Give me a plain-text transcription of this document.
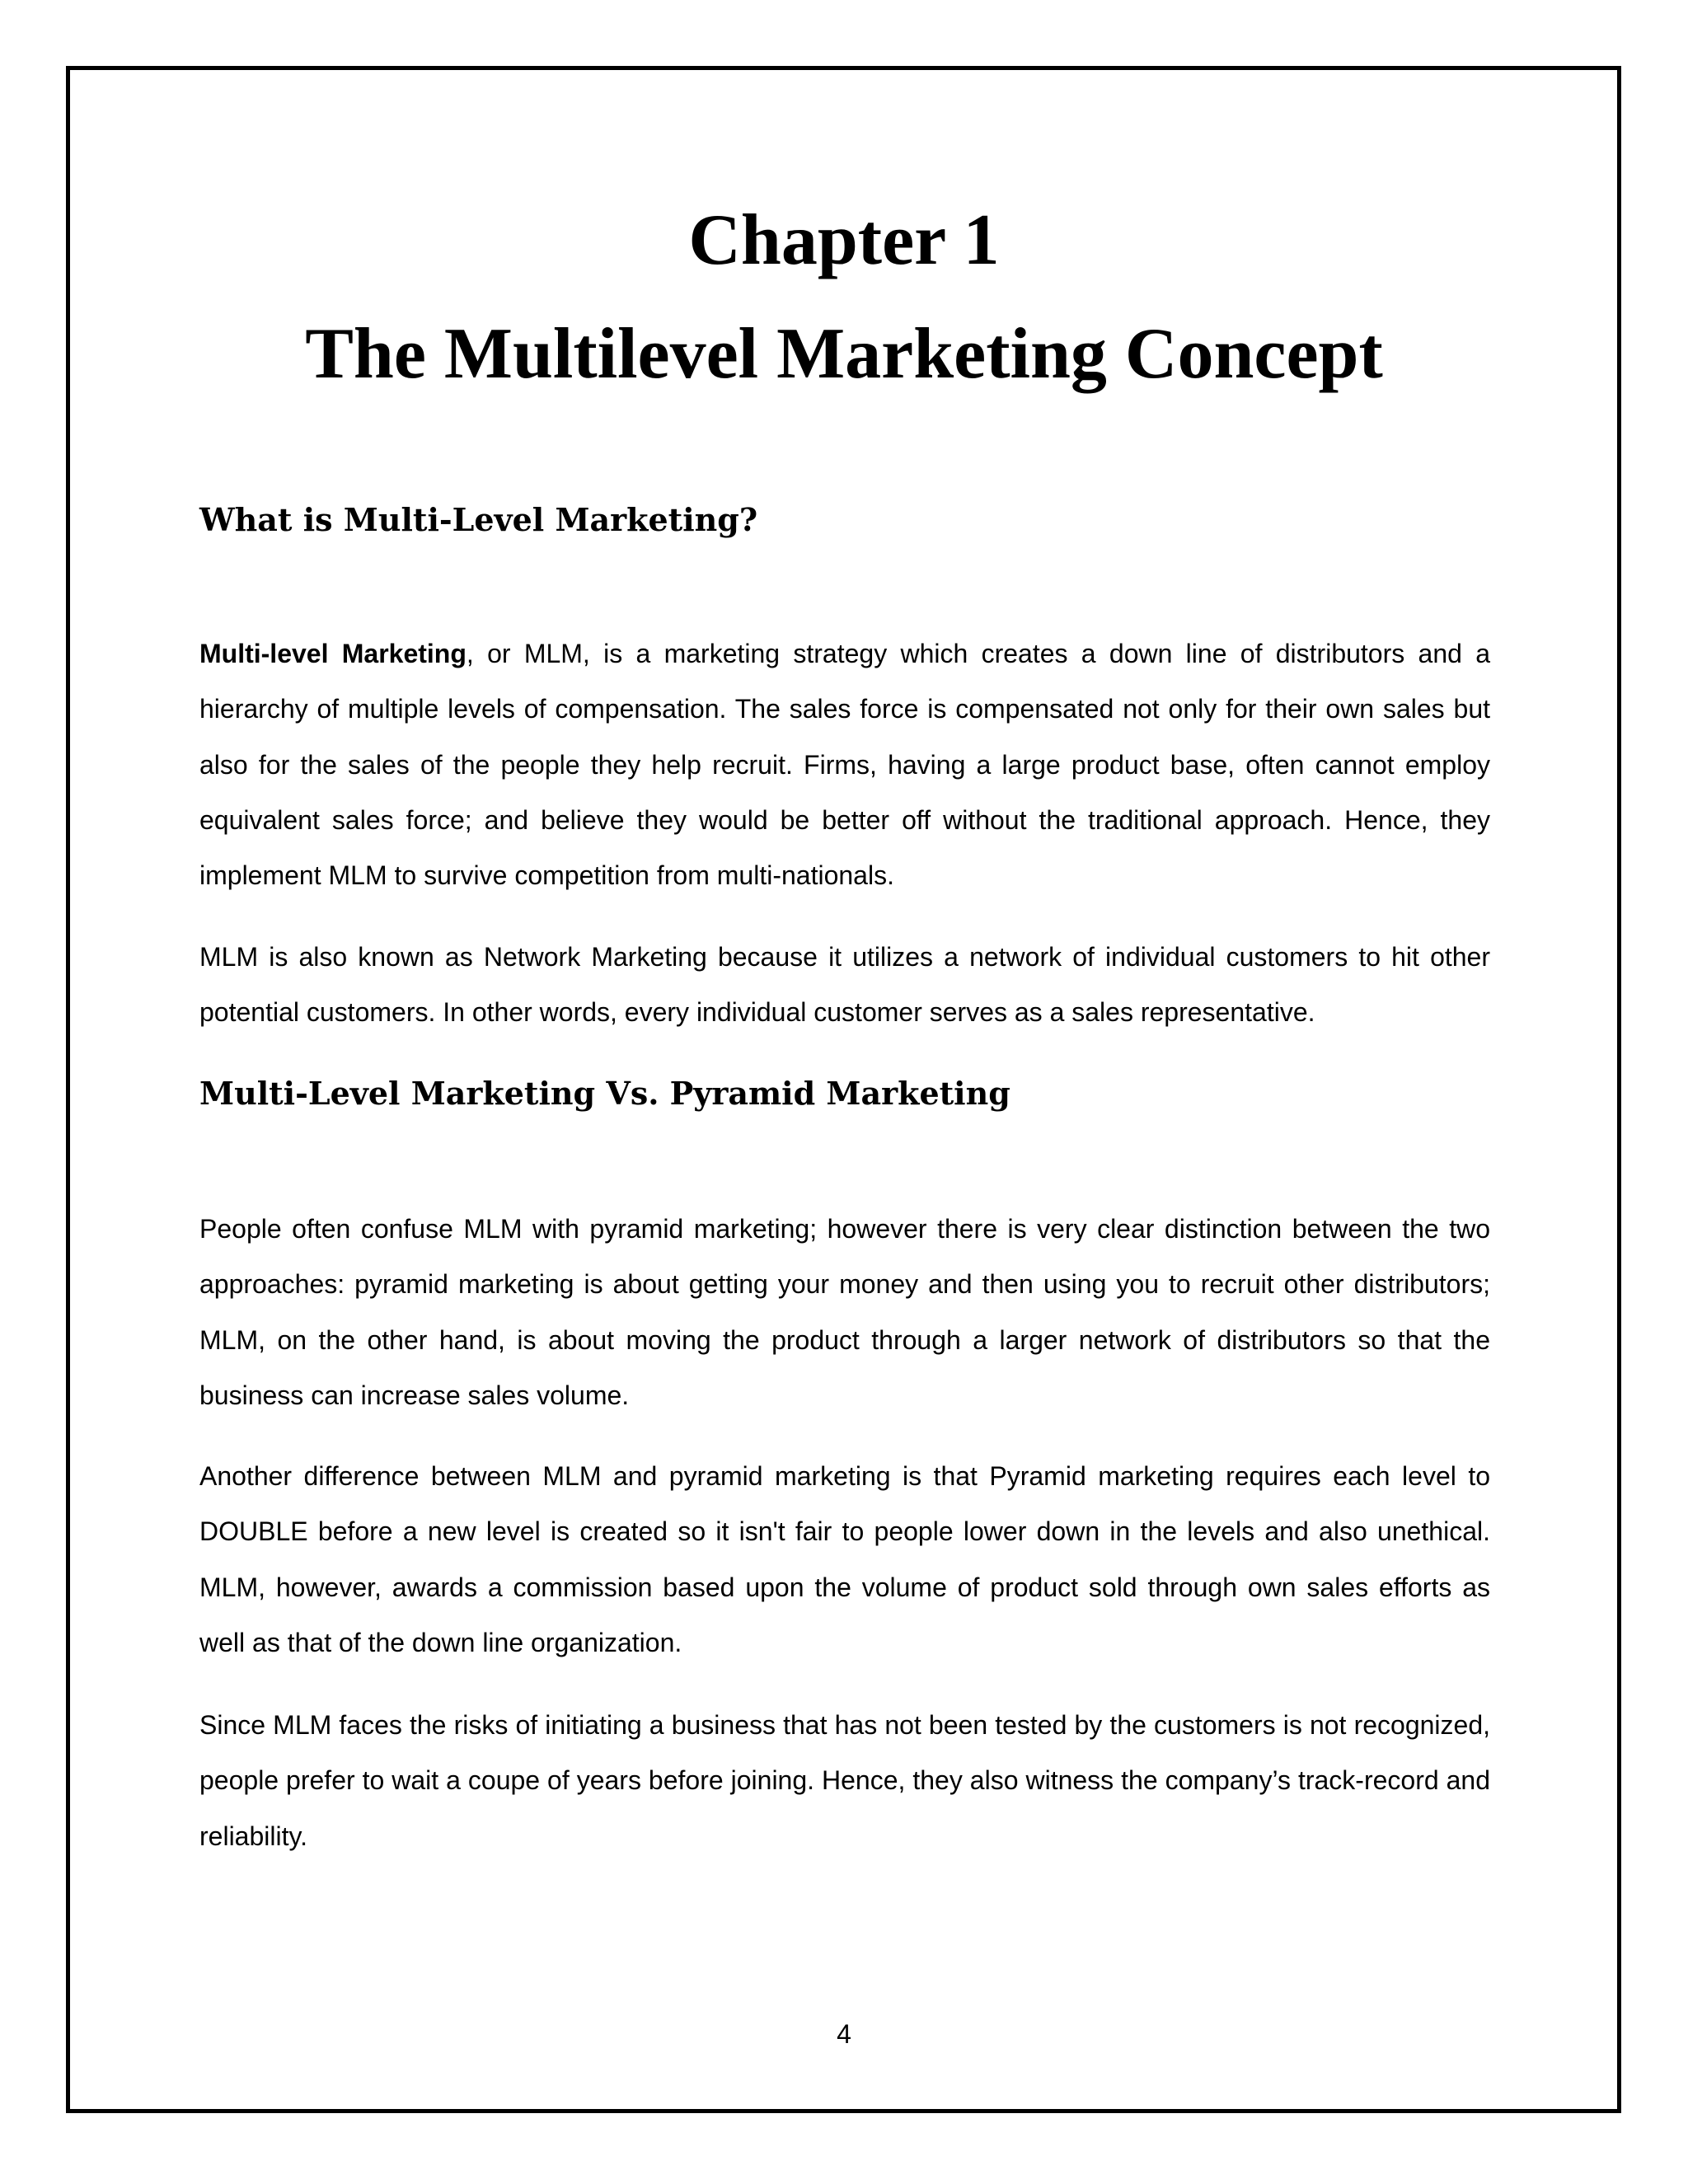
Chapter 1
The Multilevel Marketing Concept
What is Multi-Level Marketing?

Multi-level Marketing, or MLM, is a marketing strategy which creates a down line of distributors and a hierarchy of multiple levels of compensation. The sales force is compensated not only for their own sales but also for the sales of the people they help recruit. Firms, having a large product base, often cannot employ equivalent sales force; and believe they would be better off without the traditional approach. Hence, they implement MLM to survive competition from multi-nationals.

MLM is also known as Network Marketing because it utilizes a network of individual customers to hit other potential customers. In other words, every individual customer serves as a sales representative.

Multi-Level Marketing Vs. Pyramid Marketing

People often confuse MLM with pyramid marketing; however there is very clear distinction between the two approaches: pyramid marketing is about getting your money and then using you to recruit other distributors; MLM, on the other hand, is about moving the product through a larger network of distributors so that the business can increase sales volume.

Another difference between MLM and pyramid marketing is that Pyramid marketing requires each level to DOUBLE before a new level is created so it isn't fair to people lower down in the levels and also unethical. MLM, however, awards a commission based upon the volume of product sold through own sales efforts as well as that of the down line organization.

Since MLM faces the risks of initiating a business that has not been tested by the customers is not recognized, people prefer to wait a coupe of years before joining. Hence, they also witness the company’s track-record and reliability.

4
